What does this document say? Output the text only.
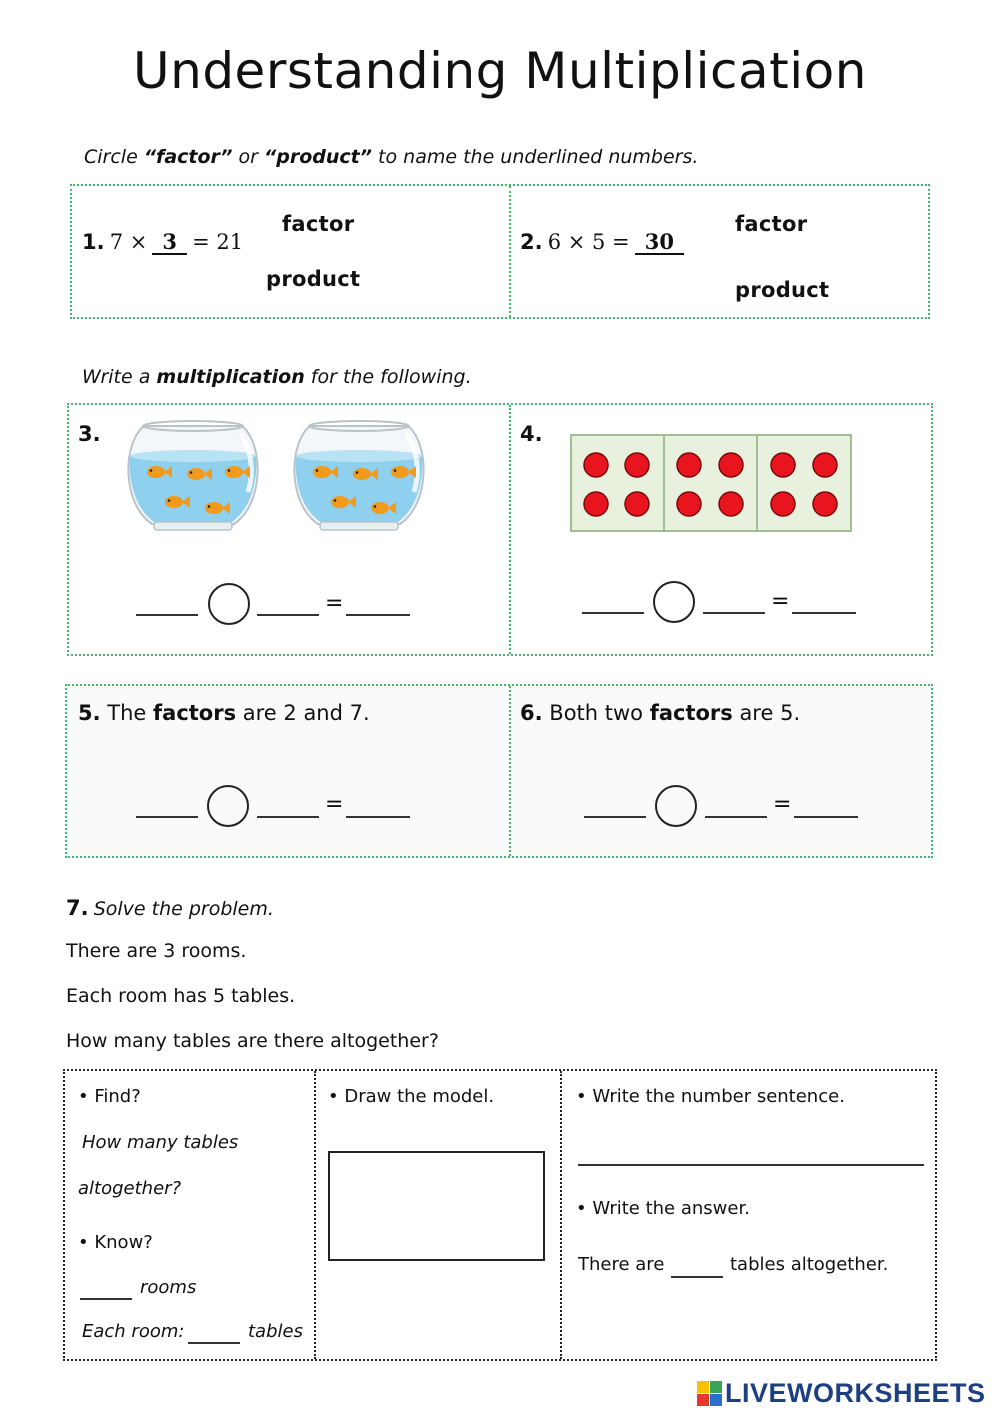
Understanding Multiplication
Circle “factor” or “product” to name the underlined numbers.
1. 7 × 3 = 21
factor
product
2. 6 × 5 = 30
factor
product
Write a multiplication for the following.
3.	4.
=	=
5. The factors are 2 and 7.	6. Both two factors are 5.
=	=
7. Solve the problem.
There are 3 rooms.
Each room has 5 tables.
How many tables are there altogether?
• Find?
How many tables
altogether?
• Know?
rooms
Each room:	tables
• Draw the model.	• Write the number sentence.
• Write the answer.
There are	tables altogether.
LIVEWORKSHEETS
